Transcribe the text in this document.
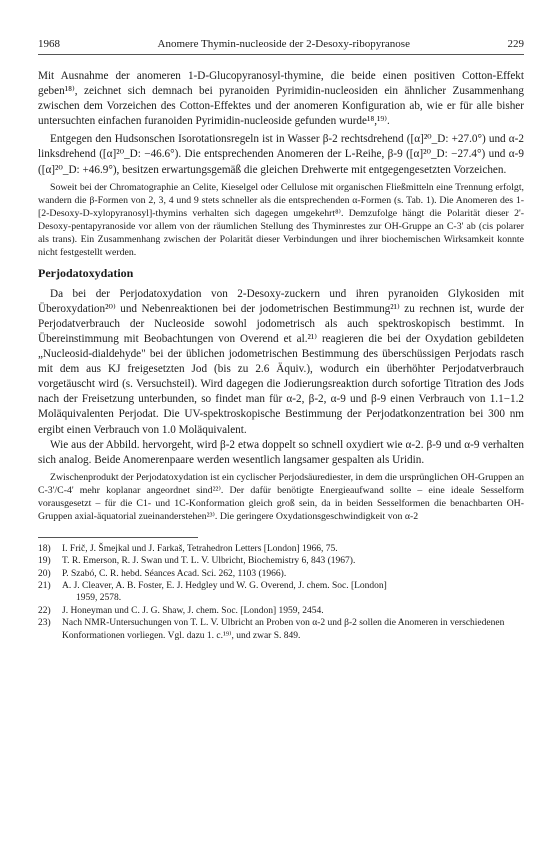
1968	Anomere Thymin-nucleoside der 2-Desoxy-ribopyranose	229

Mit Ausnahme der anomeren 1-D-Glucopyranosyl-thymine, die beide einen positiven Cotton-Effekt geben¹⁸⁾, zeichnet sich demnach bei pyranoiden Pyrimidin-nucleosiden ein ähnlicher Zusammenhang zwischen dem Vorzeichen des Cotton-Effektes und der anomeren Konfiguration ab, wie er für alle bisher untersuchten einfachen furanoiden Pyrimidin-nucleoside gefunden wurde¹⁸,¹⁹⁾.

Entgegen den Hudsonschen Isorotationsregeln ist in Wasser β-2 rechtsdrehend ([α]²⁰_D: +27.0°) und α-2 linksdrehend ([α]²⁰_D: −46.6°). Die entsprechenden Anomeren der L-Reihe, β-9 ([α]²⁰_D: −27.4°) und α-9 ([α]²⁰_D: +46.9°), besitzen erwartungsgemäß die gleichen Drehwerte mit entgegengesetzten Vorzeichen.

Soweit bei der Chromatographie an Celite, Kieselgel oder Cellulose mit organischen Fließmitteln eine Trennung erfolgt, wandern die β-Formen von 2, 3, 4 und 9 stets schneller als die entsprechenden α-Formen (s. Tab. 1). Die Anomeren des 1-[2-Desoxy-D-xylopyranosyl]-thymins verhalten sich dagegen umgekehrt⁸⁾. Demzufolge hängt die Polarität dieser 2'-Desoxy-pentapyranoside vor allem von der räumlichen Stellung des Thyminrestes zur OH-Gruppe an C-3' ab (cis polarer als trans). Ein Zusammenhang zwischen der Polarität dieser Verbindungen und ihrer biochemischen Wirksamkeit konnte nicht festgestellt werden.

Perjodatoxydation

Da bei der Perjodatoxydation von 2-Desoxy-zuckern und ihren pyranoiden Glykosiden mit Überoxydation²⁰⁾ und Nebenreaktionen bei der jodometrischen Bestimmung²¹⁾ zu rechnen ist, wurde der Perjodatverbrauch der Nucleoside sowohl jodometrisch als auch spektroskopisch bestimmt. In Übereinstimmung mit Beobachtungen von Overend et al.²¹⁾ reagieren die bei der Oxydation gebildeten „Nucleosid-dialdehyde" bei der üblichen jodometrischen Bestimmung des überschüssigen Perjodats rasch mit dem aus KJ freigesetzten Jod (bis zu 2.6 Äquiv.), wodurch ein überhöhter Perjodatverbrauch vorgetäuscht wird (s. Versuchsteil). Wird dagegen die Jodierungsreaktion durch sofortige Titration des Jods nach der Freisetzung unterbunden, so findet man für α-2, β-2, α-9 und β-9 einen Verbrauch von 1.1−1.2 Moläquivalenten Perjodat. Die UV-spektroskopische Bestimmung der Perjodatkonzentration bei 300 nm ergibt einen Verbrauch von 1.0 Moläquivalent.

Wie aus der Abbild. hervorgeht, wird β-2 etwa doppelt so schnell oxydiert wie α-2. β-9 und α-9 verhalten sich analog. Beide Anomerenpaare werden wesentlich langsamer gespalten als Uridin.

Zwischenprodukt der Perjodatoxydation ist ein cyclischer Perjodsäurediester, in dem die ursprünglichen OH-Gruppen an C-3'/C-4' mehr koplanar angeordnet sind²²⁾. Der dafür benötigte Energieaufwand sollte – eine ideale Sesselform vorausgesetzt – für die C1- und 1C-Konformation gleich groß sein, da in beiden Sesselformen die benachbarten OH-Gruppen axial-äquatorial zueinanderstehen²³⁾. Die geringere Oxydationsgeschwindigkeit von α-2

18)	I. Frič, J. Šmejkal und J. Farkaš, Tetrahedron Letters [London] 1966, 75.
19)	T. R. Emerson, R. J. Swan und T. L. V. Ulbricht, Biochemistry 6, 843 (1967).
20)	P. Szabó, C. R. hebd. Séances Acad. Sci. 262, 1103 (1966).
21)	A. J. Cleaver, A. B. Foster, E. J. Hedgley und W. G. Overend, J. chem. Soc. [London]
1959, 2578.
22)	J. Honeyman und C. J. G. Shaw, J. chem. Soc. [London] 1959, 2454.
23)	Nach NMR-Untersuchungen von T. L. V. Ulbricht an Proben von α-2 und β-2 sollen die Anomeren in verschiedenen Konformationen vorliegen. Vgl. dazu 1. c.¹⁹⁾, und zwar S. 849.
